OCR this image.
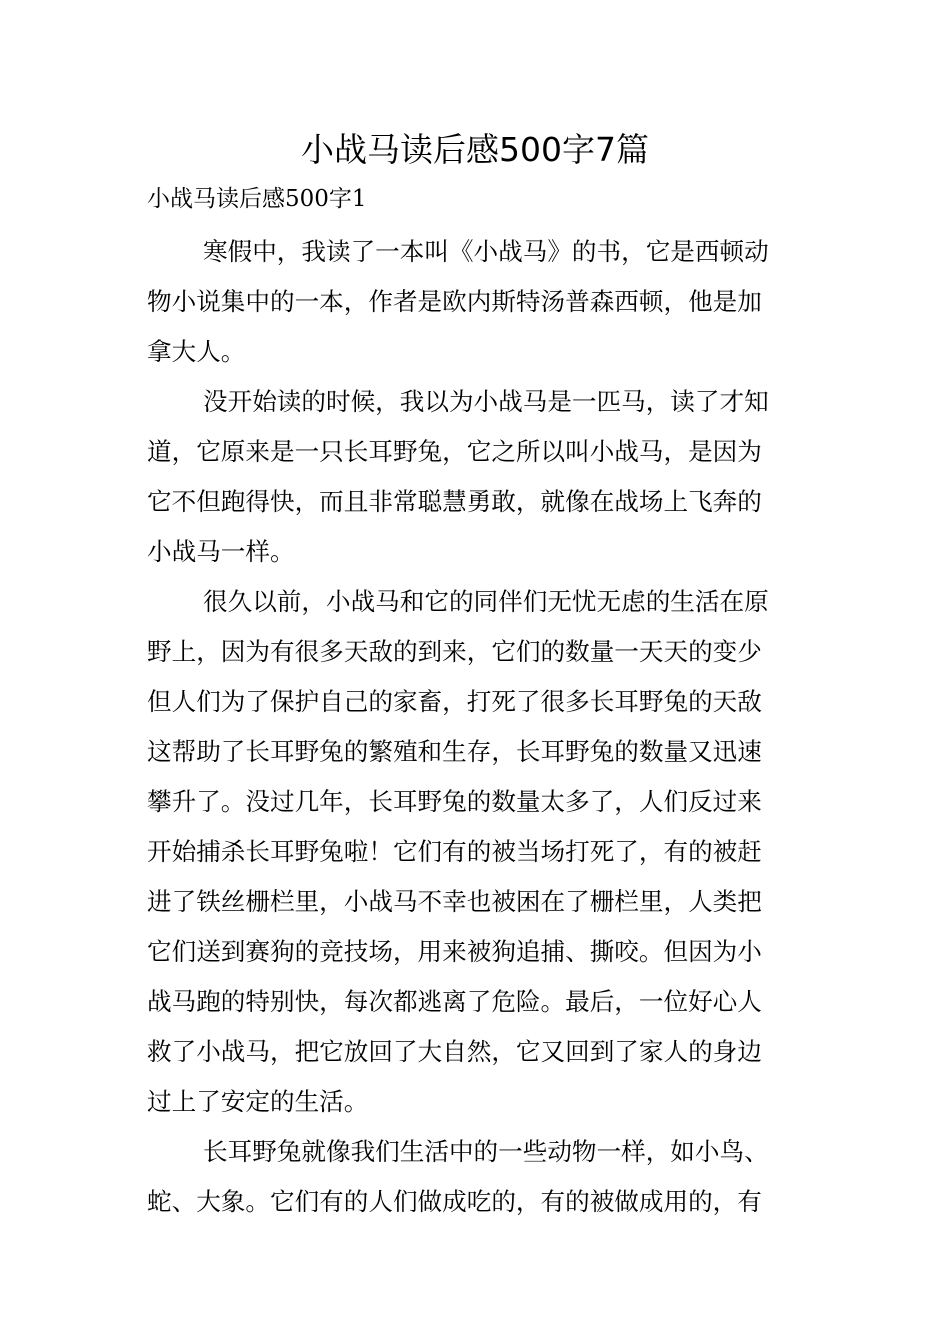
小战马读后感500字7篇
小战马读后感500字1

寒假中，我读了一本叫《小战马》的书，它是西顿动
物小说集中的一本，作者是欧内斯特汤普森西顿，他是加
拿大人。

没开始读的时候，我以为小战马是一匹马，读了才知
道，它原来是一只长耳野兔，它之所以叫小战马，是因为
它不但跑得快，而且非常聪慧勇敢，就像在战场上飞奔的
小战马一样。

很久以前，小战马和它的同伴们无忧无虑的生活在原
野上，因为有很多天敌的到来，它们的数量一天天的变少
但人们为了保护自己的家畜，打死了很多长耳野兔的天敌
这帮助了长耳野兔的繁殖和生存，长耳野兔的数量又迅速
攀升了。没过几年，长耳野兔的数量太多了，人们反过来
开始捕杀长耳野兔啦！它们有的被当场打死了，有的被赶
进了铁丝栅栏里，小战马不幸也被困在了栅栏里，人类把
它们送到赛狗的竞技场，用来被狗追捕、撕咬。但因为小
战马跑的特别快，每次都逃离了危险。最后，一位好心人
救了小战马，把它放回了大自然，它又回到了家人的身边
过上了安定的生活。

长耳野兔就像我们生活中的一些动物一样，如小鸟、
蛇、大象。它们有的人们做成吃的，有的被做成用的，有
